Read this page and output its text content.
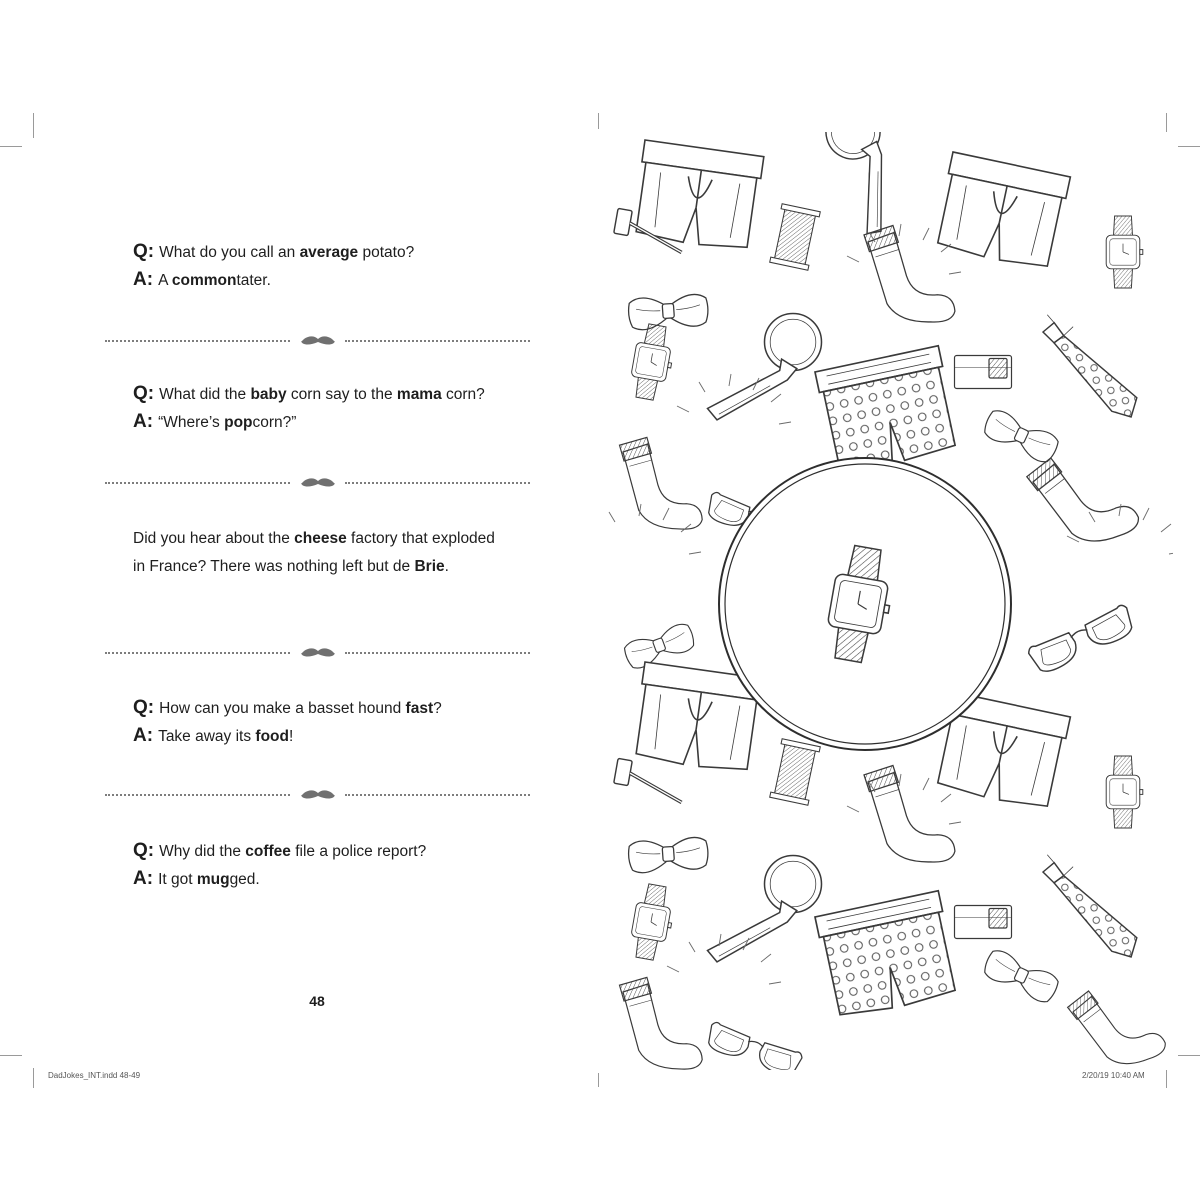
Q: What do you call an average potato?
A: A commontater.
Q: What did the baby corn say to the mama corn?
A: “Where’s popcorn?”
Did you hear about the cheese factory that exploded in France? There was nothing left but de Brie.
Q: How can you make a basset hound fast?
A: Take away its food!
Q: Why did the coffee file a police report?
A: It got mugged.
48
DadJokes_INT.indd 48-49	2/20/19 10:40 AM
